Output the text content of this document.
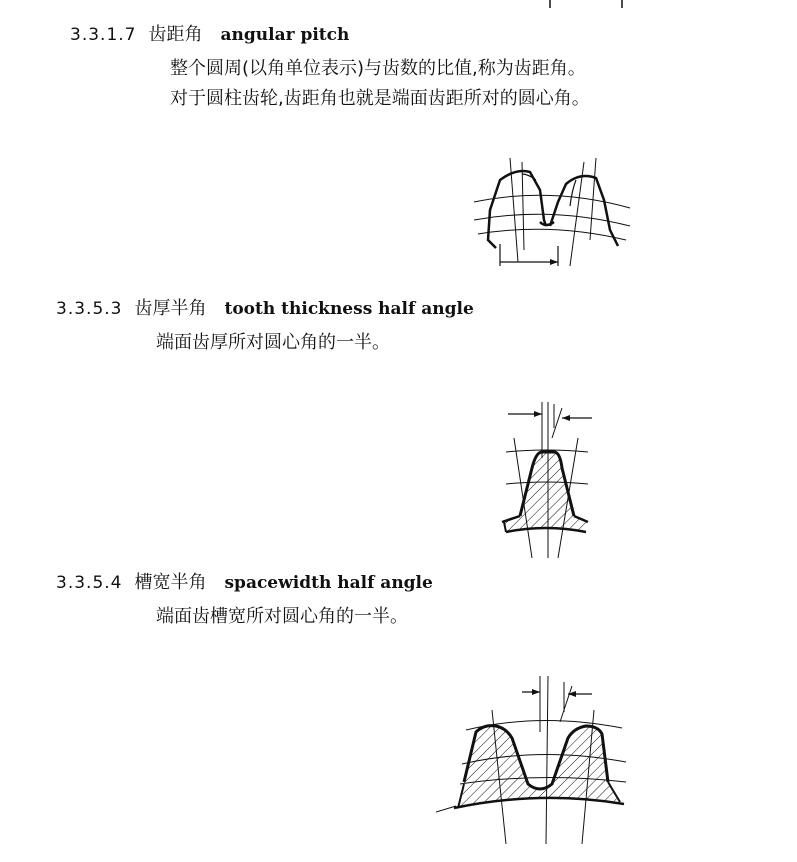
3.3.1.7 齿距角 angular pitch
整个圆周(以角单位表示)与齿数的比值,称为齿距角。
对于圆柱齿轮,齿距角也就是端面齿距所对的圆心角。
3.3.5.3 齿厚半角 tooth thickness half angle
端面齿厚所对圆心角的一半。
3.3.5.4 槽宽半角 spacewidth half angle
端面齿槽宽所对圆心角的一半。
